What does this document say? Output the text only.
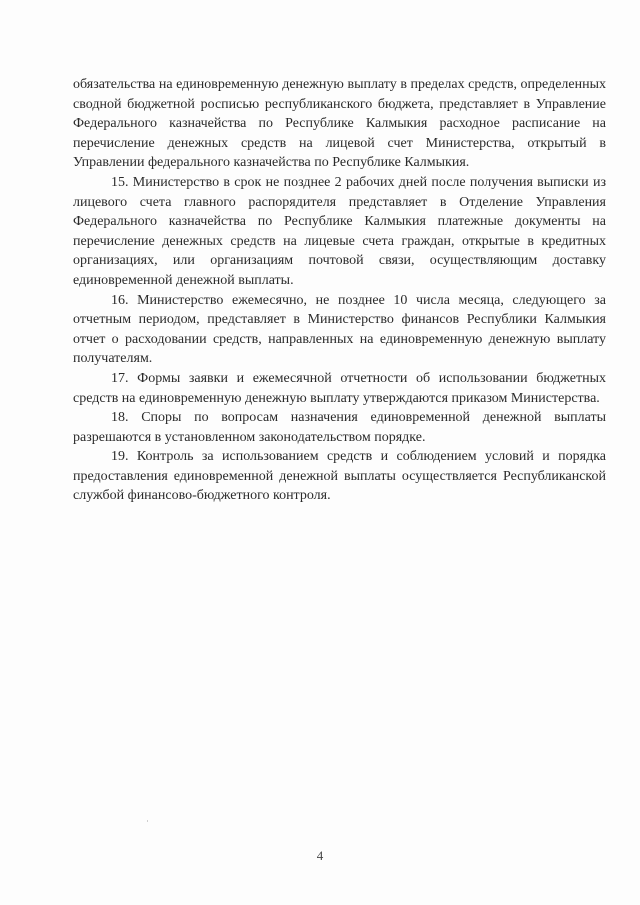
обязательства на единовременную денежную выплату в пределах средств, определенных сводной бюджетной росписью республиканского бюджета, представляет в Управление Федерального казначейства по Республике Калмыкия расходное расписание на перечисление денежных средств на лицевой счет Министерства, открытый в Управлении федерального казначейства по Республике Калмыкия.

15. Министерство в срок не позднее 2 рабочих дней после получения выписки из лицевого счета главного распорядителя представляет в Отделение Управления Федерального казначейства по Республике Калмыкия платежные документы на перечисление денежных средств на лицевые счета граждан, открытые в кредитных организациях, или организациям почтовой связи, осуществляющим доставку единовременной денежной выплаты.

16. Министерство ежемесячно, не позднее 10 числа месяца, следующего за отчетным периодом, представляет в Министерство финансов Республики Калмыкия отчет о расходовании средств, направленных на единовременную денежную выплату получателям.

17. Формы заявки и ежемесячной отчетности об использовании бюджетных средств на единовременную денежную выплату утверждаются приказом Министерства.

18. Споры по вопросам назначения единовременной денежной выплаты разрешаются в установленном законодательством порядке.

19. Контроль за использованием средств и соблюдением условий и порядка предоставления единовременной денежной выплаты осуществляется Республиканской службой финансово-бюджетного контроля.

4
